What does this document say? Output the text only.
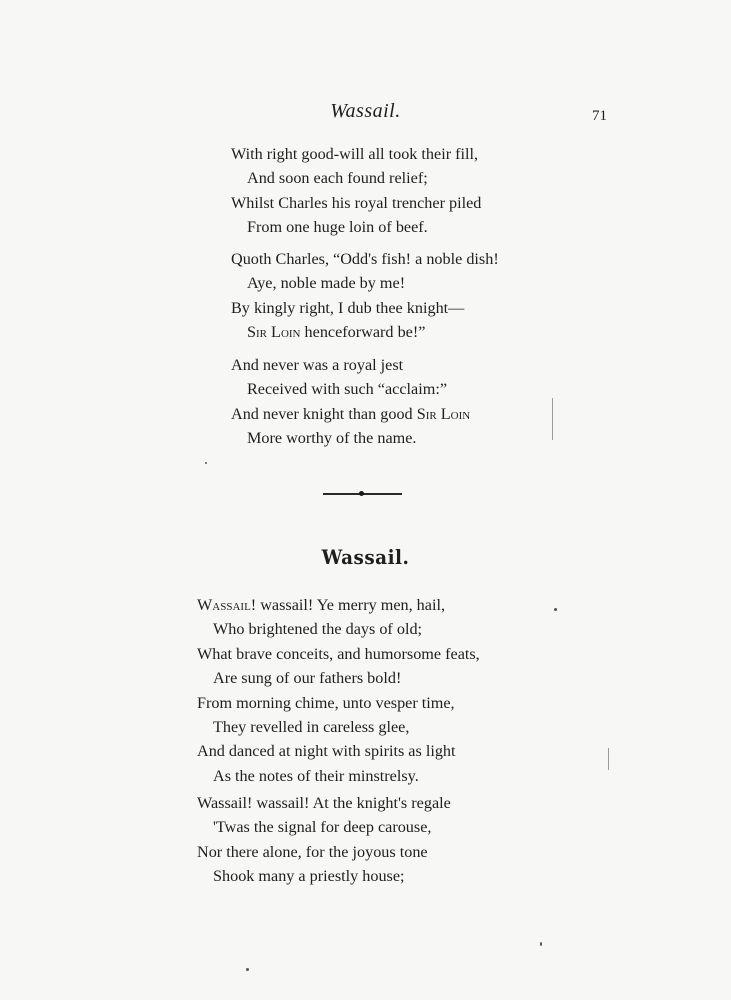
Wassail.	71
With right good-will all took their fill,
And soon each found relief;
Whilst Charles his royal trencher piled
From one huge loin of beef.
Quoth Charles, “Odd's fish! a noble dish!
Aye, noble made by me!
By kingly right, I dub thee knight—
Sir Loin henceforward be!”
And never was a royal jest
Received with such “acclaim:”
And never knight than good Sir Loin
More worthy of the name.
Wassail.
Wassail! wassail! Ye merry men, hail,
Who brightened the days of old;
What brave conceits, and humorsome feats,
Are sung of our fathers bold!
From morning chime, unto vesper time,
They revelled in careless glee,
And danced at night with spirits as light
As the notes of their minstrelsy.
Wassail! wassail! At the knight's regale
'Twas the signal for deep carouse,
Nor there alone, for the joyous tone
Shook many a priestly house;
